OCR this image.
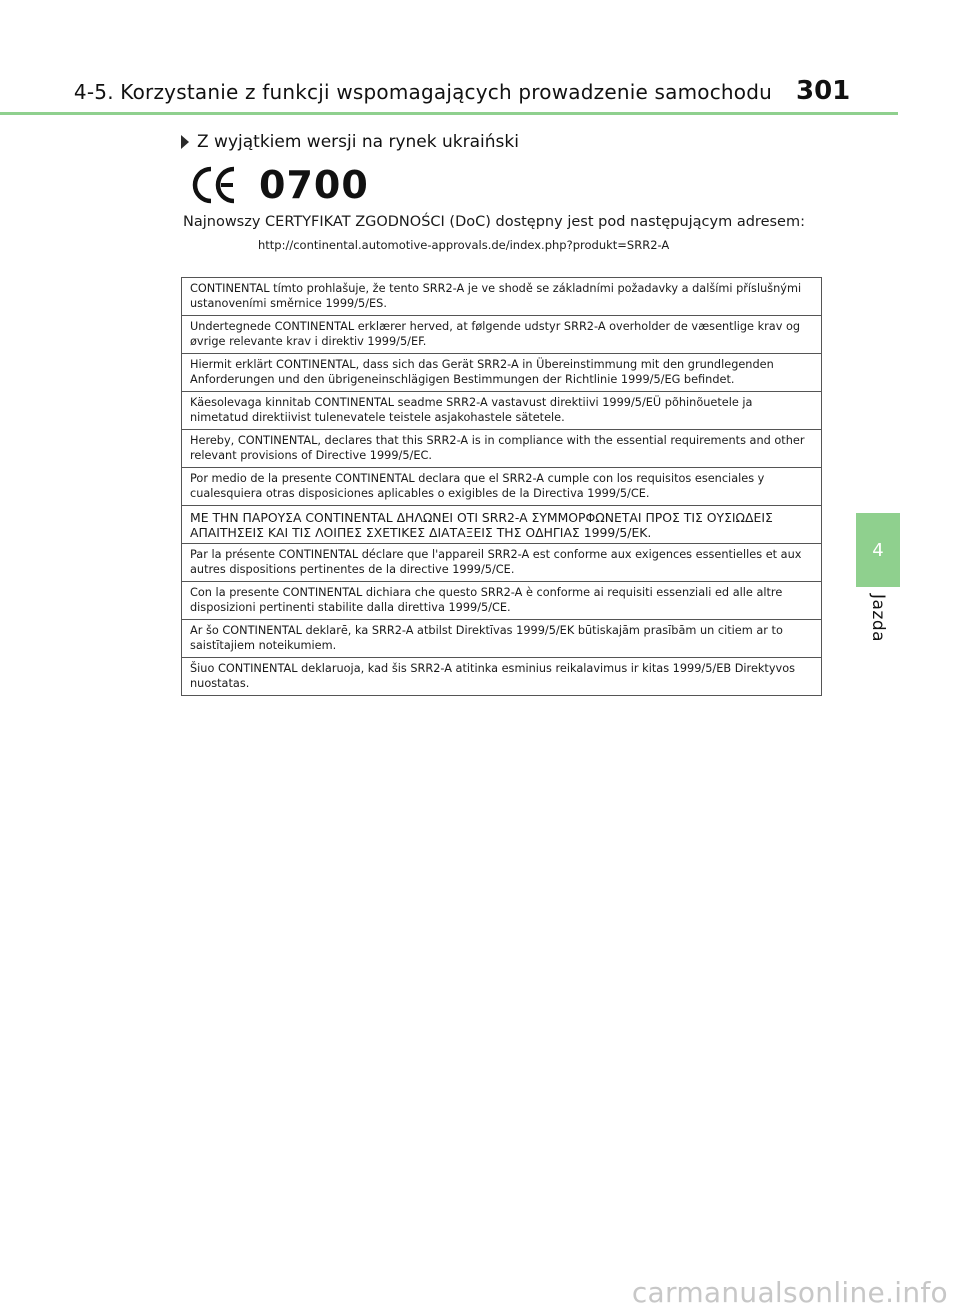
4-5. Korzystanie z funkcji wspomagających prowadzenie samochodu 301
Z wyjątkiem wersji na rynek ukraiński
0700
Najnowszy CERTYFIKAT ZGODNOŚCI (DoC) dostępny jest pod następującym adresem:
http://continental.automotive-approvals.de/index.php?produkt=SRR2-A
CONTINENTAL tímto prohlašuje, že tento SRR2-A je ve shodě se základními požadavky a dalšími příslušnými ustanoveními směrnice 1999/5/ES.
Undertegnede CONTINENTAL erklærer herved, at følgende udstyr SRR2-A overholder de væsentlige krav og øvrige relevante krav i direktiv 1999/5/EF.
Hiermit erklärt CONTINENTAL, dass sich das Gerät SRR2-A in Übereinstimmung mit den grundlegenden Anforderungen und den übrigeneinschlägigen Bestimmungen der Richtlinie 1999/5/EG befindet.
Käesolevaga kinnitab CONTINENTAL seadme SRR2-A vastavust direktiivi 1999/5/EÜ põhinõuetele ja nimetatud direktiivist tulenevatele teistele asjakohastele sätetele.
Hereby, CONTINENTAL, declares that this SRR2-A is in compliance with the essential requirements and other relevant provisions of Directive 1999/5/EC.
Por medio de la presente CONTINENTAL declara que el SRR2-A cumple con los requisitos esenciales y cualesquiera otras disposiciones aplicables o exigibles de la Directiva 1999/5/CE.
ΜΕ ΤΗΝ ΠΑΡΟΥΣΑ CONTINENTAL ΔΗΛΩΝΕΙ ΟΤΙ SRR2-A ΣΥΜΜΟΡΦΩΝΕΤΑΙ ΠΡΟΣ ΤΙΣ ΟΥΣΙΩΔΕΙΣ ΑΠΑΙΤΗΣΕΙΣ ΚΑΙ ΤΙΣ ΛΟΙΠΕΣ ΣΧΕΤΙΚΕΣ ΔΙΑΤΑΞΕΙΣ ΤΗΣ ΟΔΗΓΙΑΣ 1999/5/ΕΚ.
Par la présente CONTINENTAL déclare que l'appareil SRR2-A est conforme aux exigences essentielles et aux autres dispositions pertinentes de la directive 1999/5/CE.
Con la presente CONTINENTAL dichiara che questo SRR2-A è conforme ai requisiti essenziali ed alle altre disposizioni pertinenti stabilite dalla direttiva 1999/5/CE.
Ar šo CONTINENTAL deklarē, ka SRR2-A atbilst Direktīvas 1999/5/EK būtiskajām prasībām un citiem ar to saistītajiem noteikumiem.
Šiuo CONTINENTAL deklaruoja, kad šis SRR2-A atitinka esminius reikalavimus ir kitas 1999/5/EB Direktyvos nuostatas.
4
Jazda
carmanualsonline.info
